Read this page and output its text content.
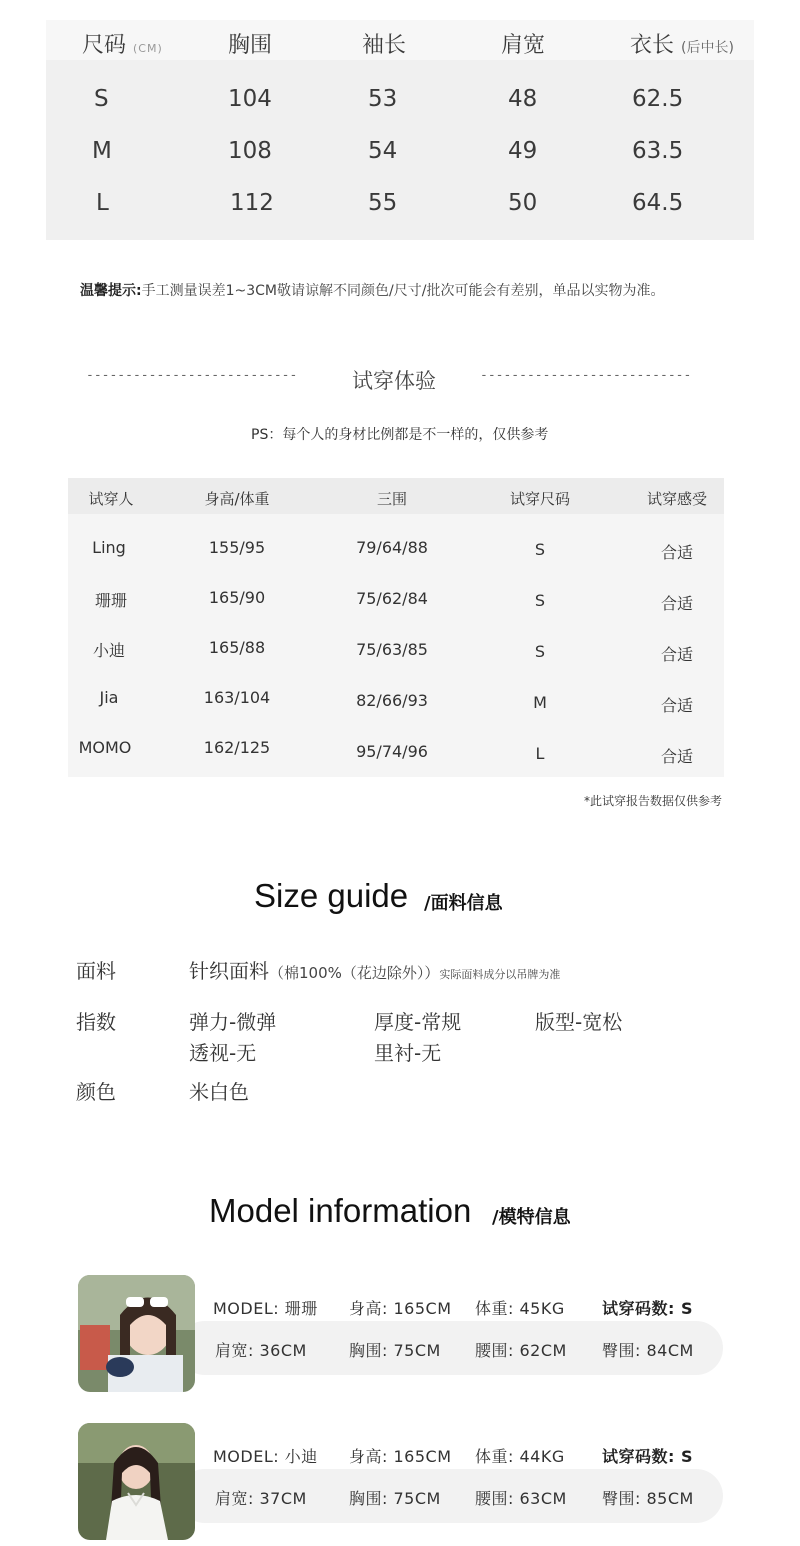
尺码 (CM)	胸围	袖长	肩宽	衣长 (后中长)
S	104	53	48	62.5
M	108	54	49	63.5
L	112	55	50	64.5
温馨提示:手工测量误差1~3CM敬请谅解不同颜色/尺寸/批次可能会有差别，单品以实物为准。
---------------------------	试穿体验	---------------------------
PS：每个人的身材比例都是不一样的，仅供参考
试穿人	身高/体重	三围	试穿尺码	试穿感受
Ling	155/95	79/64/88	S	合适
珊珊	165/90	75/62/84	S	合适
小迪	165/88	75/63/85	S	合适
Jia	163/104	82/66/93	M	合适
MOMO	162/125	95/74/96	L	合适
*此试穿报告数据仅供参考
Size guide /面料信息
面料	针织面料（棉100%（花边除外））实际面料成分以吊牌为准
指数	弹力-微弹	厚度-常规	版型-宽松
透视-无	里衬-无
颜色	米白色
Model information /模特信息
MODEL: 珊珊 身高: 165CM 体重: 45KG 试穿码数: S
肩宽: 36CM	胸围: 75CM 腰围: 62CM 臀围: 84CM
MODEL: 小迪 身高: 165CM 体重: 44KG 试穿码数: S
肩宽: 37CM	胸围: 75CM 腰围: 63CM 臀围: 85CM
